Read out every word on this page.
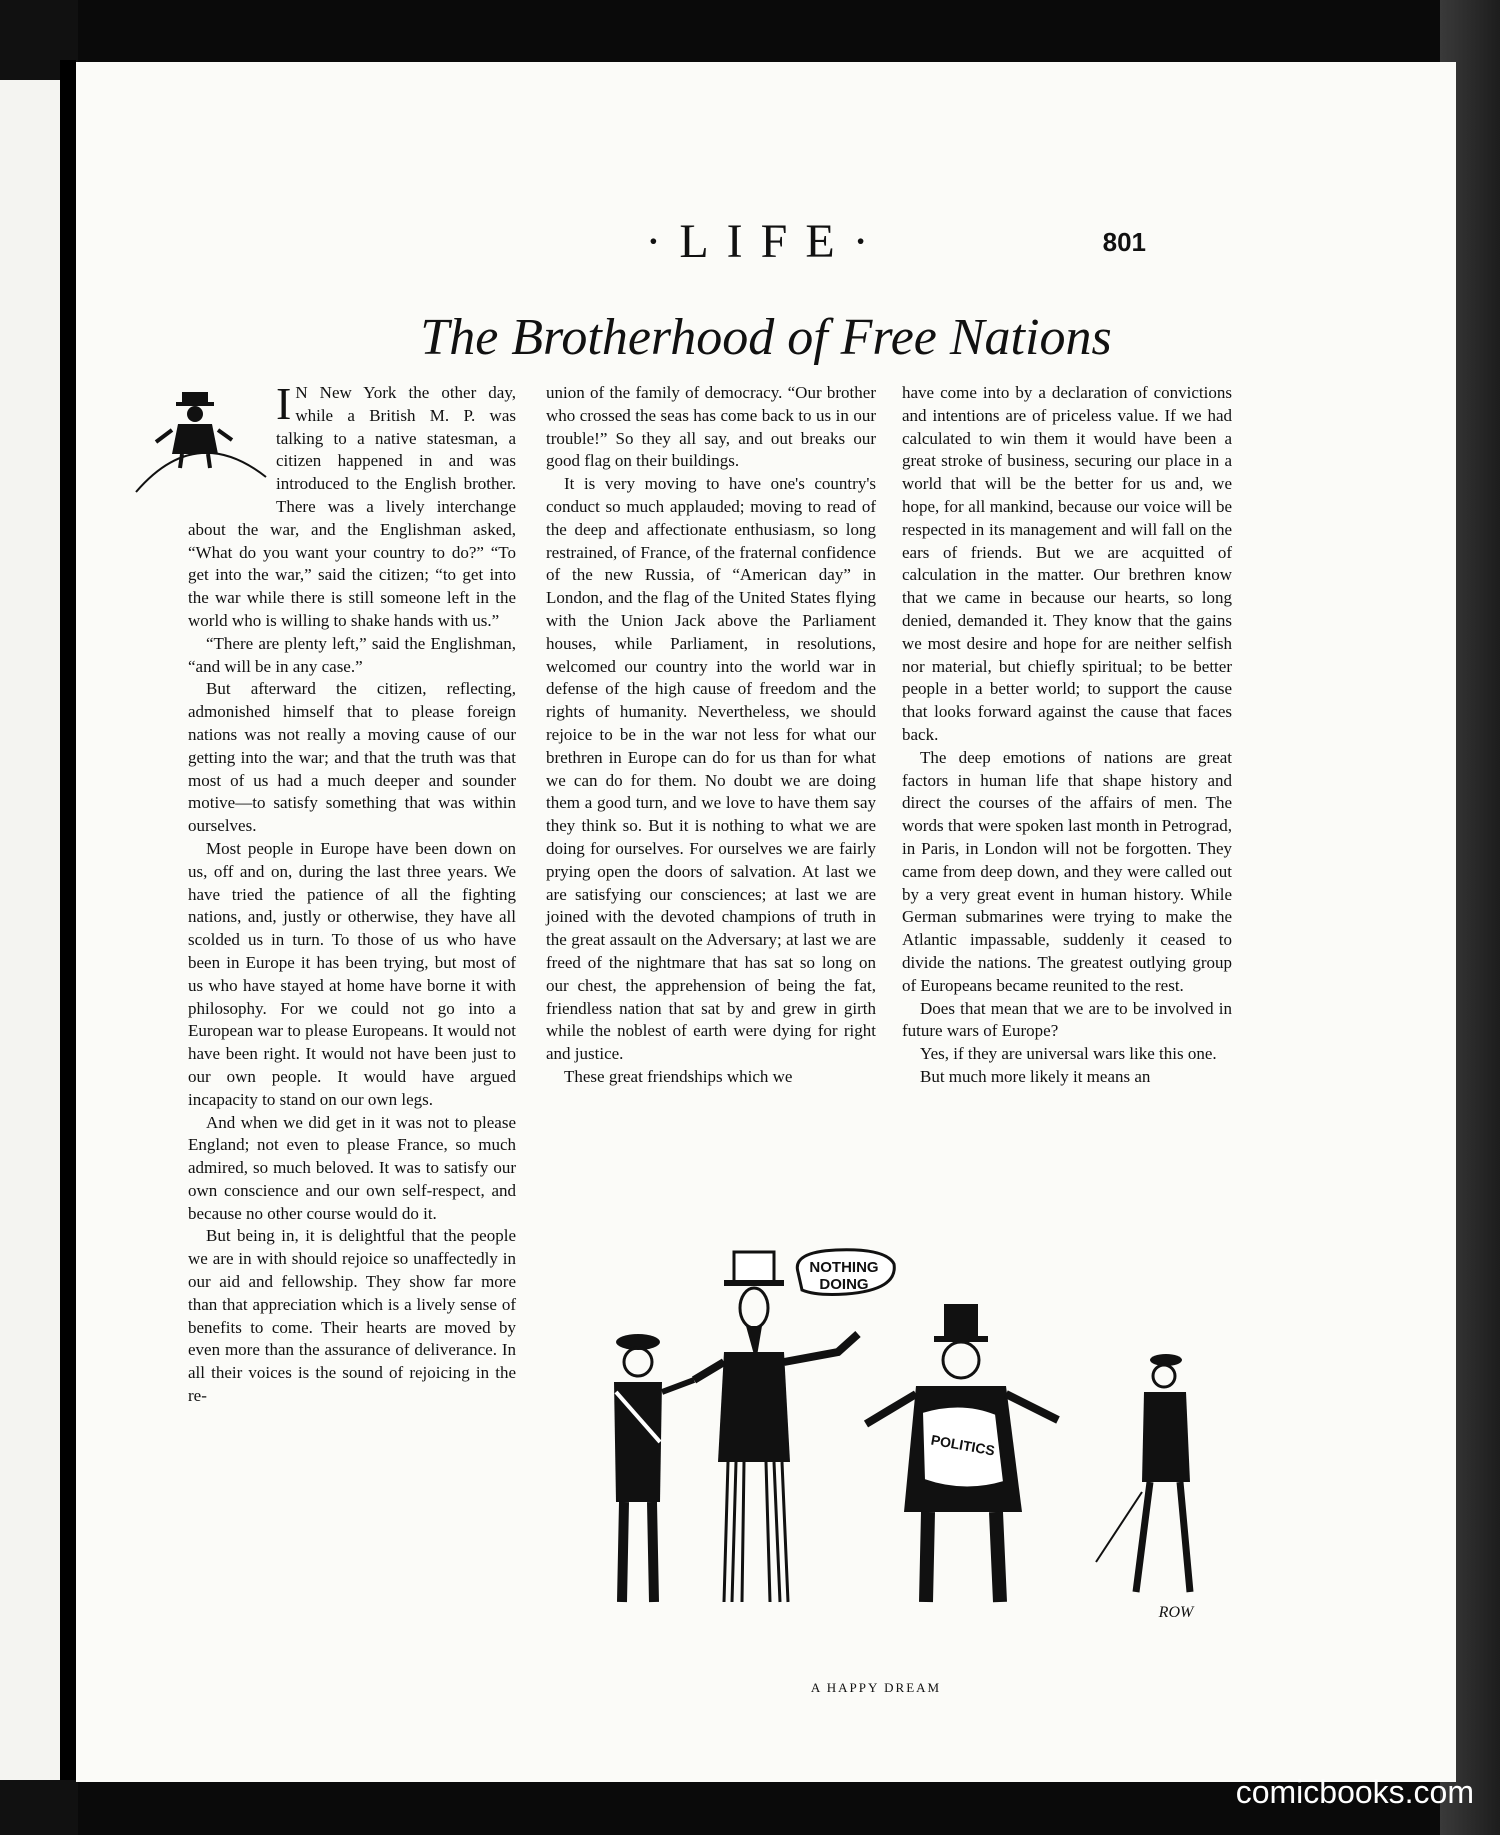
·LIFE·	801
The Brotherhood of Free Nations

I N New York the other day, while a British M. P. was talking to a native statesman, a citizen happened in and was introduced to the English brother. There was a lively interchange about the war, and the Englishman asked, “What do you want your country to do?” “To get into the war,” said the citizen; “to get into the war while there is still someone left in the world who is willing to shake hands with us.”

“There are plenty left,” said the Englishman, “and will be in any case.”

But afterward the citizen, reflecting, admonished himself that to please foreign nations was not really a moving cause of our getting into the war; and that the truth was that most of us had a much deeper and sounder motive—to satisfy something that was within ourselves.

Most people in Europe have been down on us, off and on, during the last three years. We have tried the patience of all the fighting nations, and, justly or otherwise, they have all scolded us in turn. To those of us who have been in Europe it has been trying, but most of us who have stayed at home have borne it with philosophy. For we could not go into a European war to please Europeans. It would not have been right. It would not have been just to our own people. It would have argued incapacity to stand on our own legs.

And when we did get in it was not to please England; not even to please France, so much admired, so much beloved. It was to satisfy our own conscience and our own self-respect, and because no other course would do it.

But being in, it is delightful that the people we are in with should rejoice so unaffectedly in our aid and fellowship. They show far more than that appreciation which is a lively sense of benefits to come. Their hearts are moved by even more than the assurance of deliverance. In all their voices is the sound of rejoicing in the re-

union of the family of democracy. “Our brother who crossed the seas has come back to us in our trouble!” So they all say, and out breaks our good flag on their buildings.

It is very moving to have one's country's conduct so much applauded; moving to read of the deep and affectionate enthusiasm, so long restrained, of France, of the fraternal confidence of the new Russia, of “American day” in London, and the flag of the United States flying with the Union Jack above the Parliament houses, while Parliament, in resolutions, welcomed our country into the world war in defense of the high cause of freedom and the rights of humanity. Nevertheless, we should rejoice to be in the war not less for what our brethren in Europe can do for us than for what we can do for them. No doubt we are doing them a good turn, and we love to have them say they think so. But it is nothing to what we are doing for ourselves. For ourselves we are fairly prying open the doors of salvation. At last we are satisfying our consciences; at last we are joined with the devoted champions of truth in the great assault on the Adversary; at last we are freed of the nightmare that has sat so long on our chest, the apprehension of being the fat, friendless nation that sat by and grew in girth while the noblest of earth were dying for right and justice.

These great friendships which we

have come into by a declaration of convictions and intentions are of priceless value. If we had calculated to win them it would have been a great stroke of business, securing our place in a world that will be the better for us and, we hope, for all mankind, because our voice will be respected in its management and will fall on the ears of friends. But we are acquitted of calculation in the matter. Our brethren know that we came in because our hearts, so long denied, demanded it. They know that the gains we most desire and hope for are neither selfish nor material, but chiefly spiritual; to be better people in a better world; to support the cause that looks forward against the cause that faces back.

The deep emotions of nations are great factors in human life that shape history and direct the courses of the affairs of men. The words that were spoken last month in Petrograd, in Paris, in London will not be forgotten. They came from deep down, and they were called out by a very great event in human history. While German submarines were trying to make the Atlantic impassable, suddenly it ceased to divide the nations. The greatest outlying group of Europeans became reunited to the rest.

Does that mean that we are to be involved in future wars of Europe?

Yes, if they are universal wars like this one.

But much more likely it means an

NOTHING
DOING
POLITICS
ROW
A HAPPY DREAM
comicbooks.com
